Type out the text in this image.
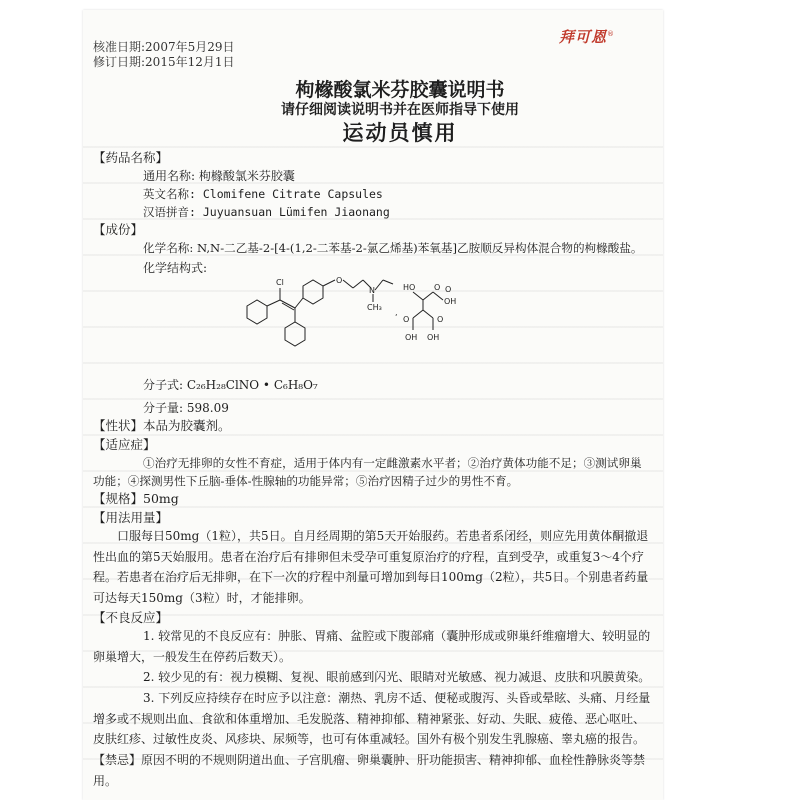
核准日期:2007年5月29日
修订日期:2015年12月1日
拜可恩®
枸橼酸氯米芬胶囊说明书
请仔细阅读说明书并在医师指导下使用
运动员慎用
【药品名称】
通用名称: 枸橼酸氯米芬胶囊
英文名称: Clomifene Citrate Capsules
汉语拼音: Juyuansuan Lümifen Jiaonang
【成份】
化学名称: N,N-二乙基-2-[4-(1,2-二苯基-2-氯乙烯基)苯氧基]乙胺顺反异构体混合物的枸橼酸盐。
化学结构式:
Cl	O
N
CH₃
HO
OH
OH OH
O O
O	O
,
分子式: C₂₆H₂₈ClNO • C₆H₈O₇
分子量: 598.09
【性状】本品为胶囊剂。
【适应症】
①治疗无排卵的女性不育症，适用于体内有一定雌激素水平者；②治疗黄体功能不足；③测试卵巢
功能；④探测男性下丘脑-垂体-性腺轴的功能异常；⑤治疗因精子过少的男性不育。
【规格】50mg
【用法用量】
口服每日50mg（1粒），共5日。自月经周期的第5天开始服药。若患者系闭经，则应先用黄体酮撤退性出血的第5天始服用。患者在治疗后有排卵但未受孕可重复原治疗的疗程，直到受孕，或重复3～4个疗程。若患者在治疗后无排卵，在下一次的疗程中剂量可增加到每日100mg（2粒），共5日。个别患者药量可达每天150mg（3粒）时，才能排卵。
【不良反应】
1. 较常见的不良反应有：肿胀、胃痛、盆腔或下腹部痛（囊肿形成或卵巢纤维瘤增大、较明显的卵巢增大，一般发生在停药后数天）。
2. 较少见的有：视力模糊、复视、眼前感到闪光、眼睛对光敏感、视力减退、皮肤和巩膜黄染。
3. 下列反应持续存在时应予以注意：潮热、乳房不适、便秘或腹泻、头昏或晕眩、头痛、月经量增多或不规则出血、食欲和体重增加、毛发脱落、精神抑郁、精神紧张、好动、失眠、疲倦、恶心呕吐、皮肤红疹、过敏性皮炎、风疹块、尿频等，也可有体重减轻。国外有极个别发生乳腺癌、睾丸癌的报告。
【禁忌】原因不明的不规则阴道出血、子宫肌瘤、卵巢囊肿、肝功能损害、精神抑郁、血栓性静脉炎等禁用。
